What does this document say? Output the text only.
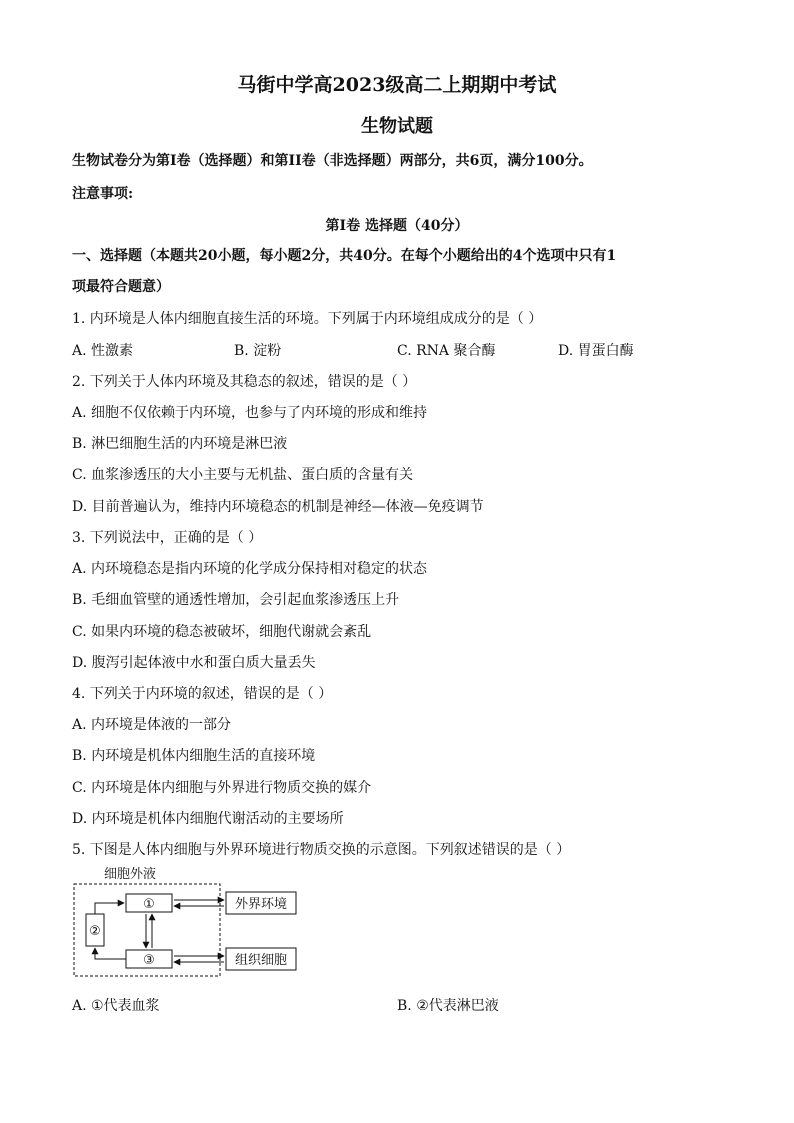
马街中学高2023级高二上期期中考试
生物试题
生物试卷分为第I卷（选择题）和第II卷（非选择题）两部分，共6页，满分100分。
注意事项:
第I卷 选择题（40分）
一、选择题（本题共20小题，每小题2分，共40分。在每个小题给出的4个选项中只有1
项最符合题意）
1. 内环境是人体内细胞直接生活的环境。下列属于内环境组成成分的是（ ）
A. 性激素	B. 淀粉	C. RNA 聚合酶	D. 胃蛋白酶
2. 下列关于人体内环境及其稳态的叙述，错误的是（ ）
A. 细胞不仅依赖于内环境，也参与了内环境的形成和维持
B. 淋巴细胞生活的内环境是淋巴液
C. 血浆渗透压的大小主要与无机盐、蛋白质的含量有关
D. 目前普遍认为，维持内环境稳态的机制是神经—体液—免疫调节
3. 下列说法中，正确的是（ ）
A. 内环境稳态是指内环境的化学成分保持相对稳定的状态
B. 毛细血管壁的通透性增加，会引起血浆渗透压上升
C. 如果内环境的稳态被破坏，细胞代谢就会紊乱
D. 腹泻引起体液中水和蛋白质大量丢失
4. 下列关于内环境的叙述，错误的是（ ）
A. 内环境是体液的一部分
B. 内环境是机体内细胞生活的直接环境
C. 内环境是体内细胞与外界进行物质交换的媒介
D. 内环境是机体内细胞代谢活动的主要场所
5. 下图是人体内细胞与外界环境进行物质交换的示意图。下列叙述错误的是（ ）
细胞外液
①
③
②
外界环境
组织细胞
A. ①代表血浆	B. ②代表淋巴液
